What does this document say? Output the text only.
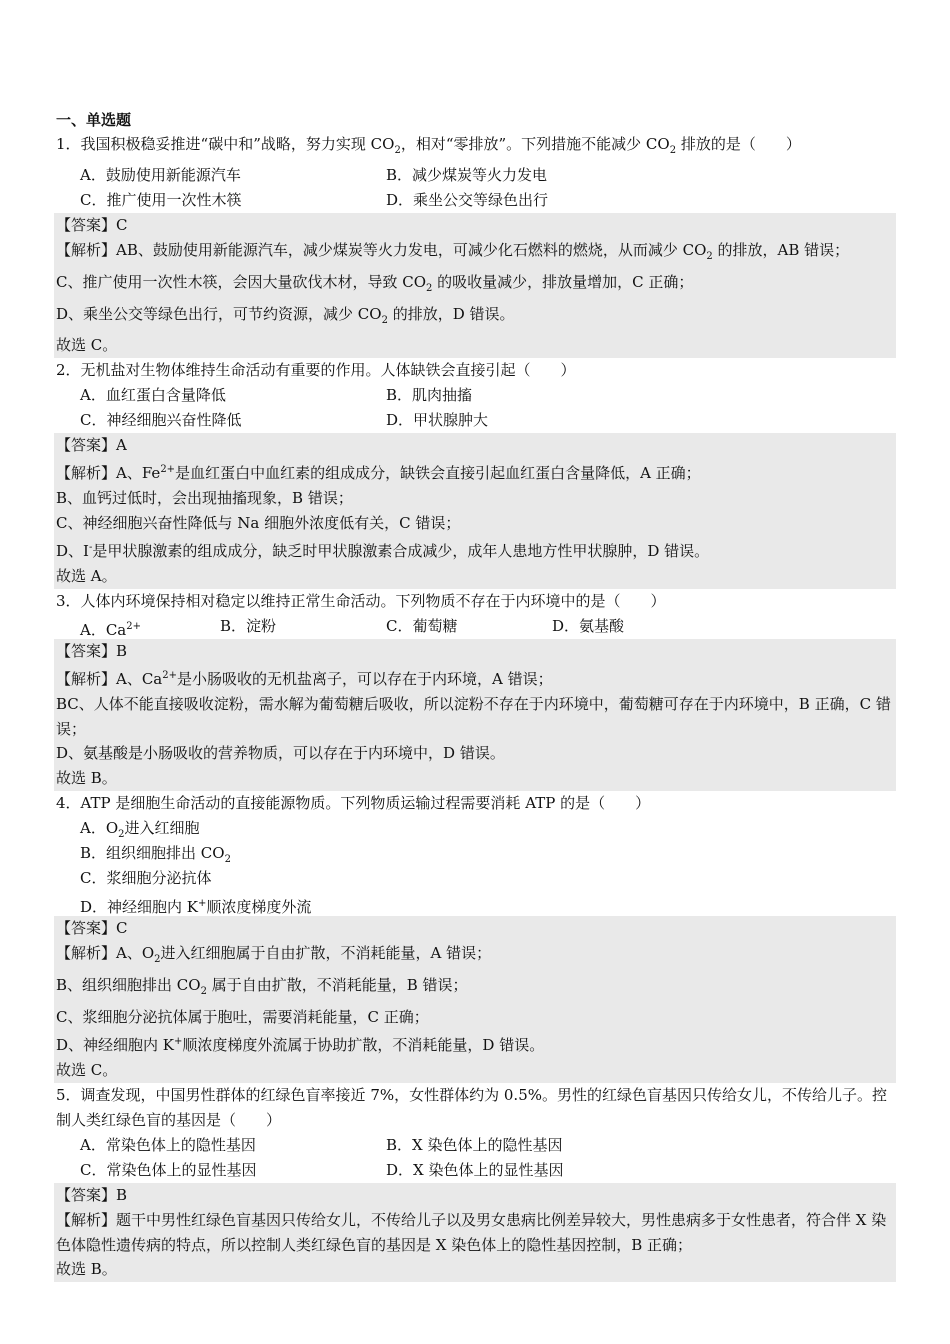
一、单选题
1．我国积极稳妥推进“碳中和”战略，努力实现 $CO_2$，相对“零排放”。下列措施不能减少 $CO_2$ 排放的是（　　）
A．鼓励使用新能源汽车	B．减少煤炭等火力发电
C．推广使用一次性木筷	D．乘坐公交等绿色出行
【答案】C
【解析】AB、鼓励使用新能源汽车，减少煤炭等火力发电，可减少化石燃料的燃烧，从而减少 $CO_2$ 的排放，AB 错误；
C、推广使用一次性木筷，会因大量砍伐木材，导致 $CO_2$ 的吸收量减少，排放量增加，C 正确；
D、乘坐公交等绿色出行，可节约资源，减少 $CO_2$ 的排放，D 错误。
故选 C。
2．无机盐对生物体维持生命活动有重要的作用。人体缺铁会直接引起（　　）
A．血红蛋白含量降低	B．肌肉抽搐
C．神经细胞兴奋性降低	D．甲状腺肿大
【答案】A
【解析】A、$Fe^{2+}$是血红蛋白中血红素的组成成分，缺铁会直接引起血红蛋白含量降低，A 正确；
B、血钙过低时，会出现抽搐现象，B 错误；
C、神经细胞兴奋性降低与 Na 细胞外浓度低有关，C 错误；
D、I-是甲状腺激素的组成成分，缺乏时甲状腺激素合成减少，成年人患地方性甲状腺肿，D 错误。
故选 A。
3．人体内环境保持相对稳定以维持正常生命活动。下列物质不存在于内环境中的是（　　）
A．$Ca^{2+}$	B．淀粉	C．葡萄糖	D．氨基酸
【答案】B
【解析】A、$Ca^{2+}$是小肠吸收的无机盐离子，可以存在于内环境，A 错误；
BC、人体不能直接吸收淀粉，需水解为葡萄糖后吸收，所以淀粉不存在于内环境中，葡萄糖可存在于内环境中，B 正确，C 错误；
D、氨基酸是小肠吸收的营养物质，可以存在于内环境中，D 错误。
故选 B。
4．ATP 是细胞生命活动的直接能源物质。下列物质运输过程需要消耗 ATP 的是（　　）
A．$O_2$进入红细胞
B．组织细胞排出 $CO_2$
C．浆细胞分泌抗体
D．神经细胞内 K+顺浓度梯度外流
【答案】C
【解析】A、$O_2$进入红细胞属于自由扩散，不消耗能量，A 错误；
B、组织细胞排出 $CO_2$ 属于自由扩散，不消耗能量，B 错误；
C、浆细胞分泌抗体属于胞吐，需要消耗能量，C 正确；
D、神经细胞内 K+顺浓度梯度外流属于协助扩散，不消耗能量，D 错误。
故选 C。
5．调查发现，中国男性群体的红绿色盲率接近 7%，女性群体约为 0.5%。男性的红绿色盲基因只传给女儿，不传给儿子。控制人类红绿色盲的基因是（　　）
A．常染色体上的隐性基因	B．X 染色体上的隐性基因
C．常染色体上的显性基因	D．X 染色体上的显性基因
【答案】B
【解析】题干中男性红绿色盲基因只传给女儿，不传给儿子以及男女患病比例差异较大，男性患病多于女性患者，符合伴 X 染色体隐性遗传病的特点，所以控制人类红绿色盲的基因是 X 染色体上的隐性基因控制，B 正确；
故选 B。
